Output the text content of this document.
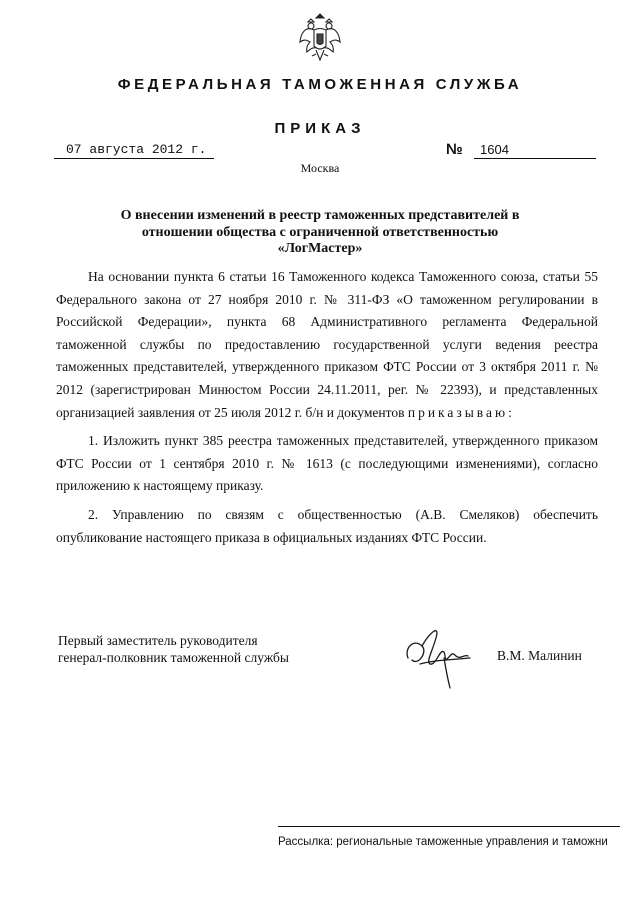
ФЕДЕРАЛЬНАЯ ТАМОЖЕННАЯ СЛУЖБА
ПРИКАЗ
07 августа 2012 г.	№	1604
Москва
О внесении изменений в реестр таможенных представителей в
отношении общества с ограниченной ответственностью
«ЛогМастер»

На основании пункта 6 статьи 16 Таможенного кодекса Таможенного союза, статьи 55 Федерального закона от 27 ноября 2010 г. № 311-ФЗ «О таможенном регулировании в Российской Федерации», пункта 68 Административного регламента Федеральной таможенной службы по предоставлению государственной услуги ведения реестра таможенных представителей, утвержденного приказом ФТС России от 3 октября 2011 г. № 2012 (зарегистрирован Минюстом России 24.11.2011, рег. № 22393), и представленных организацией заявления от 25 июля 2012 г. б/н и документов приказываю:

1. Изложить пункт 385 реестра таможенных представителей, утвержденного приказом ФТС России от 1 сентября 2010 г. № 1613 (с последующими изменениями), согласно приложению к настоящему приказу.

2. Управлению по связям с общественностью (А.В. Смеляков) обеспечить опубликование настоящего приказа в официальных изданиях ФТС России.

Первый заместитель руководителя
генерал-полковник таможенной службы	В.М. Малинин
Рассылка: региональные таможенные управления и таможни
